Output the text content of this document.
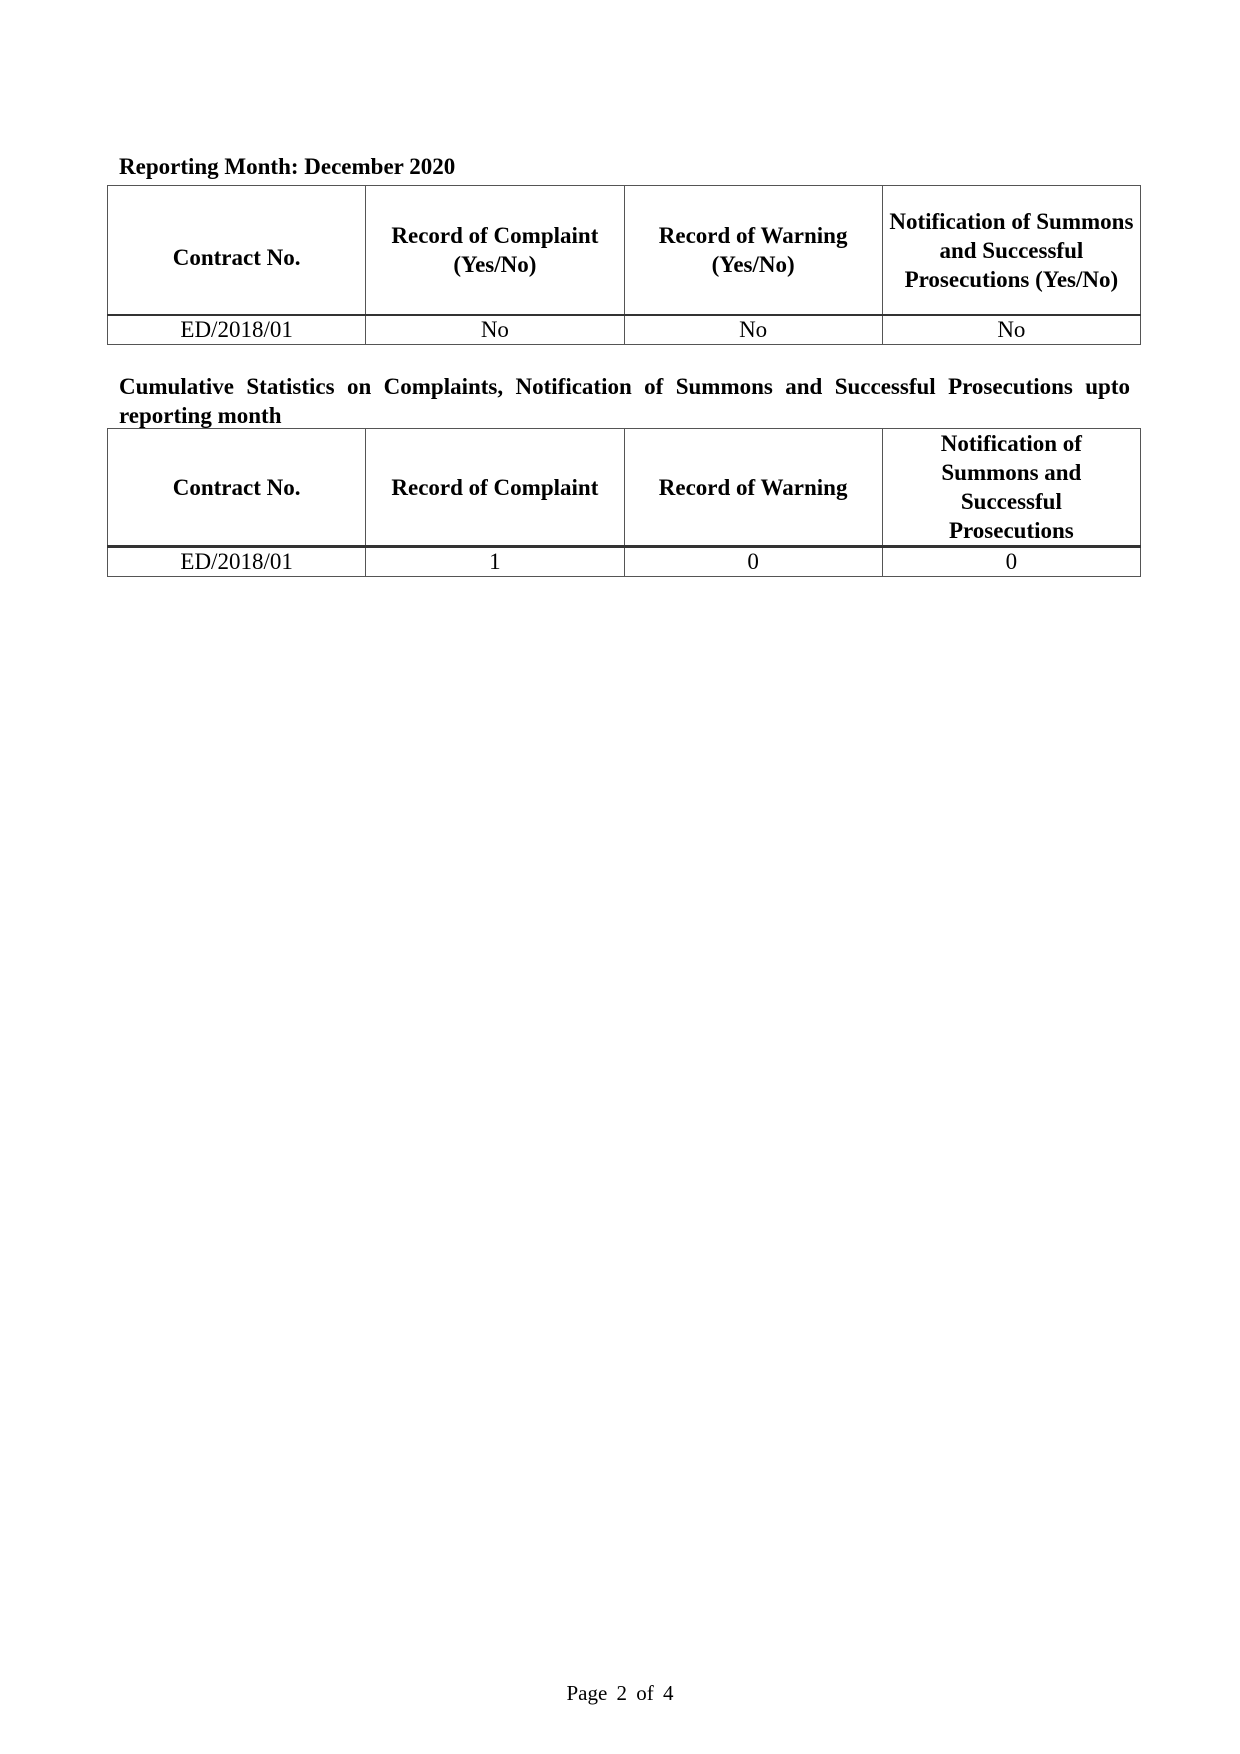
Reporting Month: December 2020
Contract No.	Record of Complaint (Yes/No)	Record of Warning (Yes/No)	Notification of Summons and Successful Prosecutions (Yes/No)
ED/2018/01	No	No	No
Cumulative Statistics on Complaints, Notification of Summons and Successful Prosecutions upto reporting month
Contract No.	Record of Complaint	Record of Warning	Notification of Summons and Successful Prosecutions
ED/2018/01	1	0	0
Page 2 of 4
